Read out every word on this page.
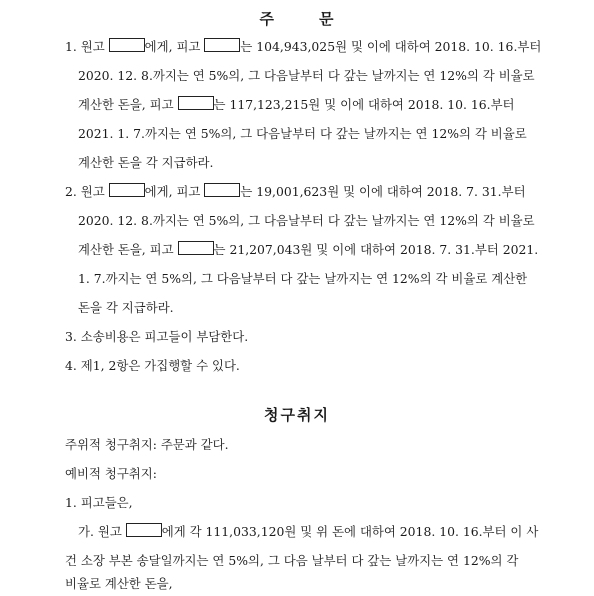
주	문
1. 원고	에게, 피고	는 104,943,025원 및 이에 대하여 2018. 10. 16.부터
2020. 12. 8.까지는 연 5%의, 그 다음날부터 다 갚는 날까지는 연 12%의 각 비율로
계산한 돈을, 피고	는 117,123,215원 및 이에 대하여 2018. 10. 16.부터
2021. 1. 7.까지는 연 5%의, 그 다음날부터 다 갚는 날까지는 연 12%의 각 비율로
계산한 돈을 각 지급하라.
2. 원고	에게, 피고	는 19,001,623원 및 이에 대하여 2018. 7. 31.부터
2020. 12. 8.까지는 연 5%의, 그 다음날부터 다 갚는 날까지는 연 12%의 각 비율로
계산한 돈을, 피고	는 21,207,043원 및 이에 대하여 2018. 7. 31.부터 2021.
1. 7.까지는 연 5%의, 그 다음날부터 다 갚는 날까지는 연 12%의 각 비율로 계산한
돈을 각 지급하라.
3. 소송비용은 피고들이 부담한다.
4. 제1, 2항은 가집행할 수 있다.
청구취지
주위적 청구취지: 주문과 같다.
예비적 청구취지:
1. 피고들은,
가. 원고	에게 각 111,033,120원 및 위 돈에 대하여 2018. 10. 16.부터 이 사
건 소장 부본 송달일까지는 연 5%의, 그 다음 날부터 다 갚는 날까지는 연 12%의 각
비율로 계산한 돈을,
